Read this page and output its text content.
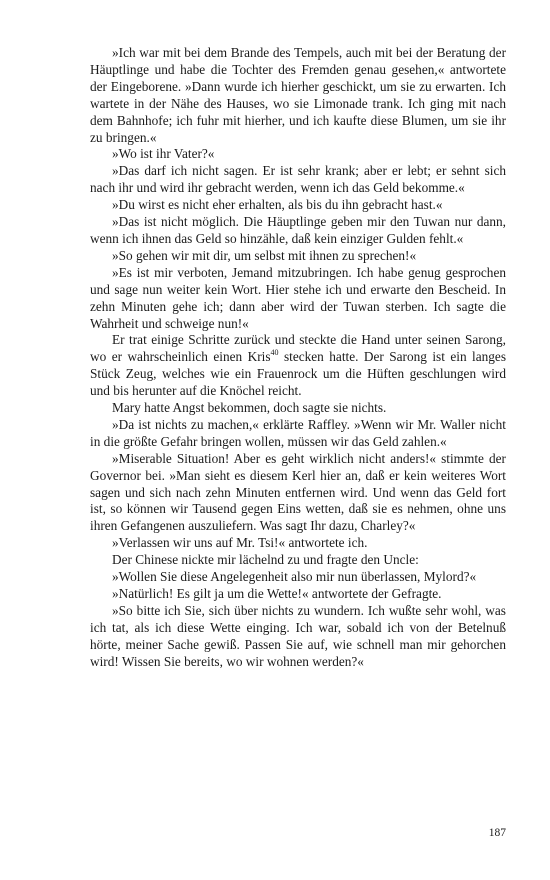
»Ich war mit bei dem Brande des Tempels, auch mit bei der Beratung der Häuptlinge und habe die Tochter des Fremden genau gesehen,« antwortete der Eingeborene. »Dann wurde ich hierher geschickt, um sie zu erwarten. Ich wartete in der Nähe des Hauses, wo sie Limonade trank. Ich ging mit nach dem Bahnhofe; ich fuhr mit hierher, und ich kaufte diese Blumen, um sie ihr zu bringen.«

»Wo ist ihr Vater?«

»Das darf ich nicht sagen. Er ist sehr krank; aber er lebt; er sehnt sich nach ihr und wird ihr gebracht werden, wenn ich das Geld bekomme.«

»Du wirst es nicht eher erhalten, als bis du ihn gebracht hast.«

»Das ist nicht möglich. Die Häuptlinge geben mir den Tuwan nur dann, wenn ich ihnen das Geld so hinzähle, daß kein einziger Gulden fehlt.«

»So gehen wir mit dir, um selbst mit ihnen zu sprechen!«

»Es ist mir verboten, Jemand mitzubringen. Ich habe genug gesprochen und sage nun weiter kein Wort. Hier stehe ich und erwarte den Bescheid. In zehn Minuten gehe ich; dann aber wird der Tuwan sterben. Ich sagte die Wahrheit und schweige nun!«

Er trat einige Schritte zurück und steckte die Hand unter seinen Sarong, wo er wahrscheinlich einen Kris$^{40}$ stecken hatte. Der Sarong ist ein langes Stück Zeug, welches wie ein Frauenrock um die Hüften geschlungen wird und bis herunter auf die Knöchel reicht.

Mary hatte Angst bekommen, doch sagte sie nichts.

»Da ist nichts zu machen,« erklärte Raffley. »Wenn wir Mr. Waller nicht in die größte Gefahr bringen wollen, müssen wir das Geld zahlen.«

»Miserable Situation! Aber es geht wirklich nicht anders!« stimmte der Governor bei. »Man sieht es diesem Kerl hier an, daß er kein weiteres Wort sagen und sich nach zehn Minuten entfernen wird. Und wenn das Geld fort ist, so können wir Tausend gegen Eins wetten, daß sie es nehmen, ohne uns ihren Gefangenen auszuliefern. Was sagt Ihr dazu, Charley?«

»Verlassen wir uns auf Mr. Tsi!« antwortete ich.

Der Chinese nickte mir lächelnd zu und fragte den Uncle:

»Wollen Sie diese Angelegenheit also mir nun überlassen, Mylord?«

»Natürlich! Es gilt ja um die Wette!« antwortete der Gefragte.

»So bitte ich Sie, sich über nichts zu wundern. Ich wußte sehr wohl, was ich tat, als ich diese Wette einging. Ich war, sobald ich von der Betelnuß hörte, meiner Sache gewiß. Passen Sie auf, wie schnell man mir gehorchen wird! Wissen Sie bereits, wo wir wohnen werden?«

187
